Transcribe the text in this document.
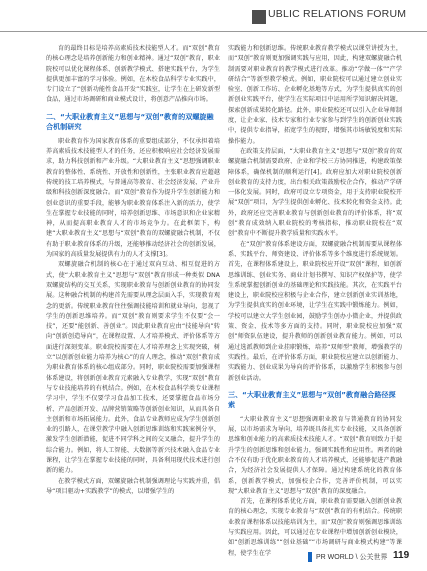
UBLIC RELATIONS FORUM

育的最终目标是培养高素质技术技能型人才。而“双创”教育的核心理念是培养创新能力和创业精神。通过“双创”教育，职业院校可以优化课程体系、创新教学模式、搭建实践平台，为学生提供更加丰富的学习体验。例如，在木校食品科学专业实践中，专门设立了“创新功能性食品开发”实践室，让学生在上研发新型食品，通过市场调研和商业模式设计，将创意产品推向市场。

二、“大职业教育主义”思想与“双创”教育的双螺旋融合机制研究

职业教育作为国家教育体系的重要组成部分，不仅承担着培养高素质技术技能型人才的任务，还应积极响应社会经济发展需求，助力科技创新和产业升级。“大职业教育主义”思想强调职业教育的整体性、系统性、开放性和创新性，主张职业教育应超越传统的技工培养模式，与普通高等教育、社会经济发展、产业升级和科技创新深度融合。而“双创”教育作为提升学生创新能力和创业意识的重要手段，能够为职业教育体系注入新的活力，使学生在掌握专业技能的同时，培养创新思维、市场意识和企业家精神，从而提高职业教育人才的市场竞争力。在此框架下，构建“大职业教育主义”思想与“双创”教育的双螺旋融合机制，不仅有助于职业教育体系的升级，还能够推动经济社会的创新发展，为国家的高质量发展提供有力的人才支撑[3]。

双螺旋融合机制的核心在于通过双向互动、相互促进的方式，使“大职业教育主义”思想与“双创”教育形成一种类似 DNA 双螺旋结构的交互关系，实现职业教育与创新创业教育的协同发展。这种融合机制的构建首先需要从理念层面入手，实现教育观念的更新。传统职业教育往往强调技能培训和就业导向，忽视了学生的创新思维培养。而“双创”教育则要求学生不仅要“会一技”，还要“能创新、善创业”。因此职业教育应由“技能导向”转向“创新创造导向”，在课程设置、人才培养模式、评价体系等方面进行深刻变革。职业院校需要在人才培养理念上实现突破，树立“以创新创业能力培养为核心”的育人理念，推动“双创”教育成为职业教育体系的核心组成部分。同时，职业院校需要加强课程体系建设，将创新创业教育元素融入专业教学，实现“双创”教育与专业技能培养的有机结合。例如，在木校食品科学类专业课程学习中，学生不仅要学习食品加工技术，还要掌握食品市场分析、产品创新开发、品牌营销策略等创新创业知识，从而具备自主创新和市场拓展能力。此外，食品专业教师应成为学生创新创业的引路人，在课堂教学中融入创新思维训练和实践案例分享，激发学生创新潜能，促进不同学科之间的交叉融合，提升学生的综合能力。例如，将人工智能、大数据等新兴技术融入食品专业课程，让学生在掌握专业技能的同时，具备利用现代技术进行创新的能力。

在教学模式方面，双螺旋融合机制强调理论与实践并重，倡导“项目驱动+实践教学”的模式，以增强学生的

实践能力和创新思维。传统职业教育教学模式以课堂讲授为主，而“双创”教育则更加强调实践与应用，因此，构建双螺旋融合机制需要对职业教育的教学模式进行改革。推动“学做一体”“产学研结合”等新型教学模式。例如，职业院校可以通过建立创业实验室、创新工作坊、企业孵化基地等方式，为学生提供真实的创新创业实践平台，使学生在实际项目中运用所学知识解决问题，探索创新成果转化路径。此外，职业院校还可以引入企业导师制度，让企业家、技术专家和行业专家参与到学生的创新创业实践中，提供专业指导，拓宽学生的视野，增强其市场敏锐度和实际操作能力。

在政策支持层面，“大职业教育主义”思想与“双创”教育的双螺旋融合机制需要政府、企业和学校三方协同推进，构建政策保障体系，确保机制的顺利运行[4]。政府应加大对职业院校创新创业教育的支持力度，出台相关政策鼓励校企合作，推动产学研一体化发展。同时，政府可设立专项资金，用于支持职业院校开展“双创”项目，为学生提供创业孵化、技术转化和资金支持。此外，政府还应完善职业教育与创新创业教育的评价体系，将“双创”教育成效纳入职业院校的考核指标，推动职业院校在“双创”教育中不断提升教学质量和实践水平。

在“双创”教育体系建设方面，双螺旋融合机制需要从课程体系、实践平台、师资建设、评价体系等多个维度进行系统规划。首先，在课程体系建设上，职业院校应开设“双创”课程，如创新思维训练、创业实务、商业计划书撰写、知识产权保护等，使学生系统掌握创新创业的基础理论和实践技能。其次，在实践平台建设上，职业院校应积极与企业合作，建立创新创业实训基地，为学生提供真实的创业环境，让学生在实践中锻炼能力。例如，学校可以建立大学生创业园，鼓励学生创办小微企业，并提供政策、资金、技术等多方面的支持。同时，职业院校应加强“双创”师资队伍建设，提升教师的创新创业教育能力。例如，可以通过选派教师到企业挂职锻炼，培养“双师型”教师，增强教学的实践性。最后，在评价体系方面，职业院校应建立以创新能力、实践能力、创业成果为导向的评价体系，以激励学生积极参与创新创业活动。

三、“大职业教育主义”思想与“双创”教育融合路径探索

“大职业教育主义”思想强调职业教育与普通教育的协同发展，以市场需求为导向，培养既具备扎实专业技能，又具备创新思维和创业能力的高素质技术技能人才。“双创”教育则致力于提升学生的创新思维和创业能力，强调实践性和应用性。两者的融合不仅有助于优化职业教育的人才培养模式，还能够促进产教融合，为经济社会发展提供人才保障。通过构建系统化的教育体系，创新教学模式，加强校企合作，完善评价机制，可以实现“大职业教育主义”思想与“双创”教育的深度融合。

首先，在课程体系优化方面，职业教育需要融入创新创业教育的核心理念，实现专业教育与“双创”教育的有机结合。传统职业教育课程体系以技能培训为主，而“双创”教育则强调思维训练与实践应用。因此，可以通过在专业课程中增加创新创业模块，如“创新思维训练”“创业基础”“市场调研与商业模式构建”等课程，使学生在学

PR WORLD \ 公关世界 119
